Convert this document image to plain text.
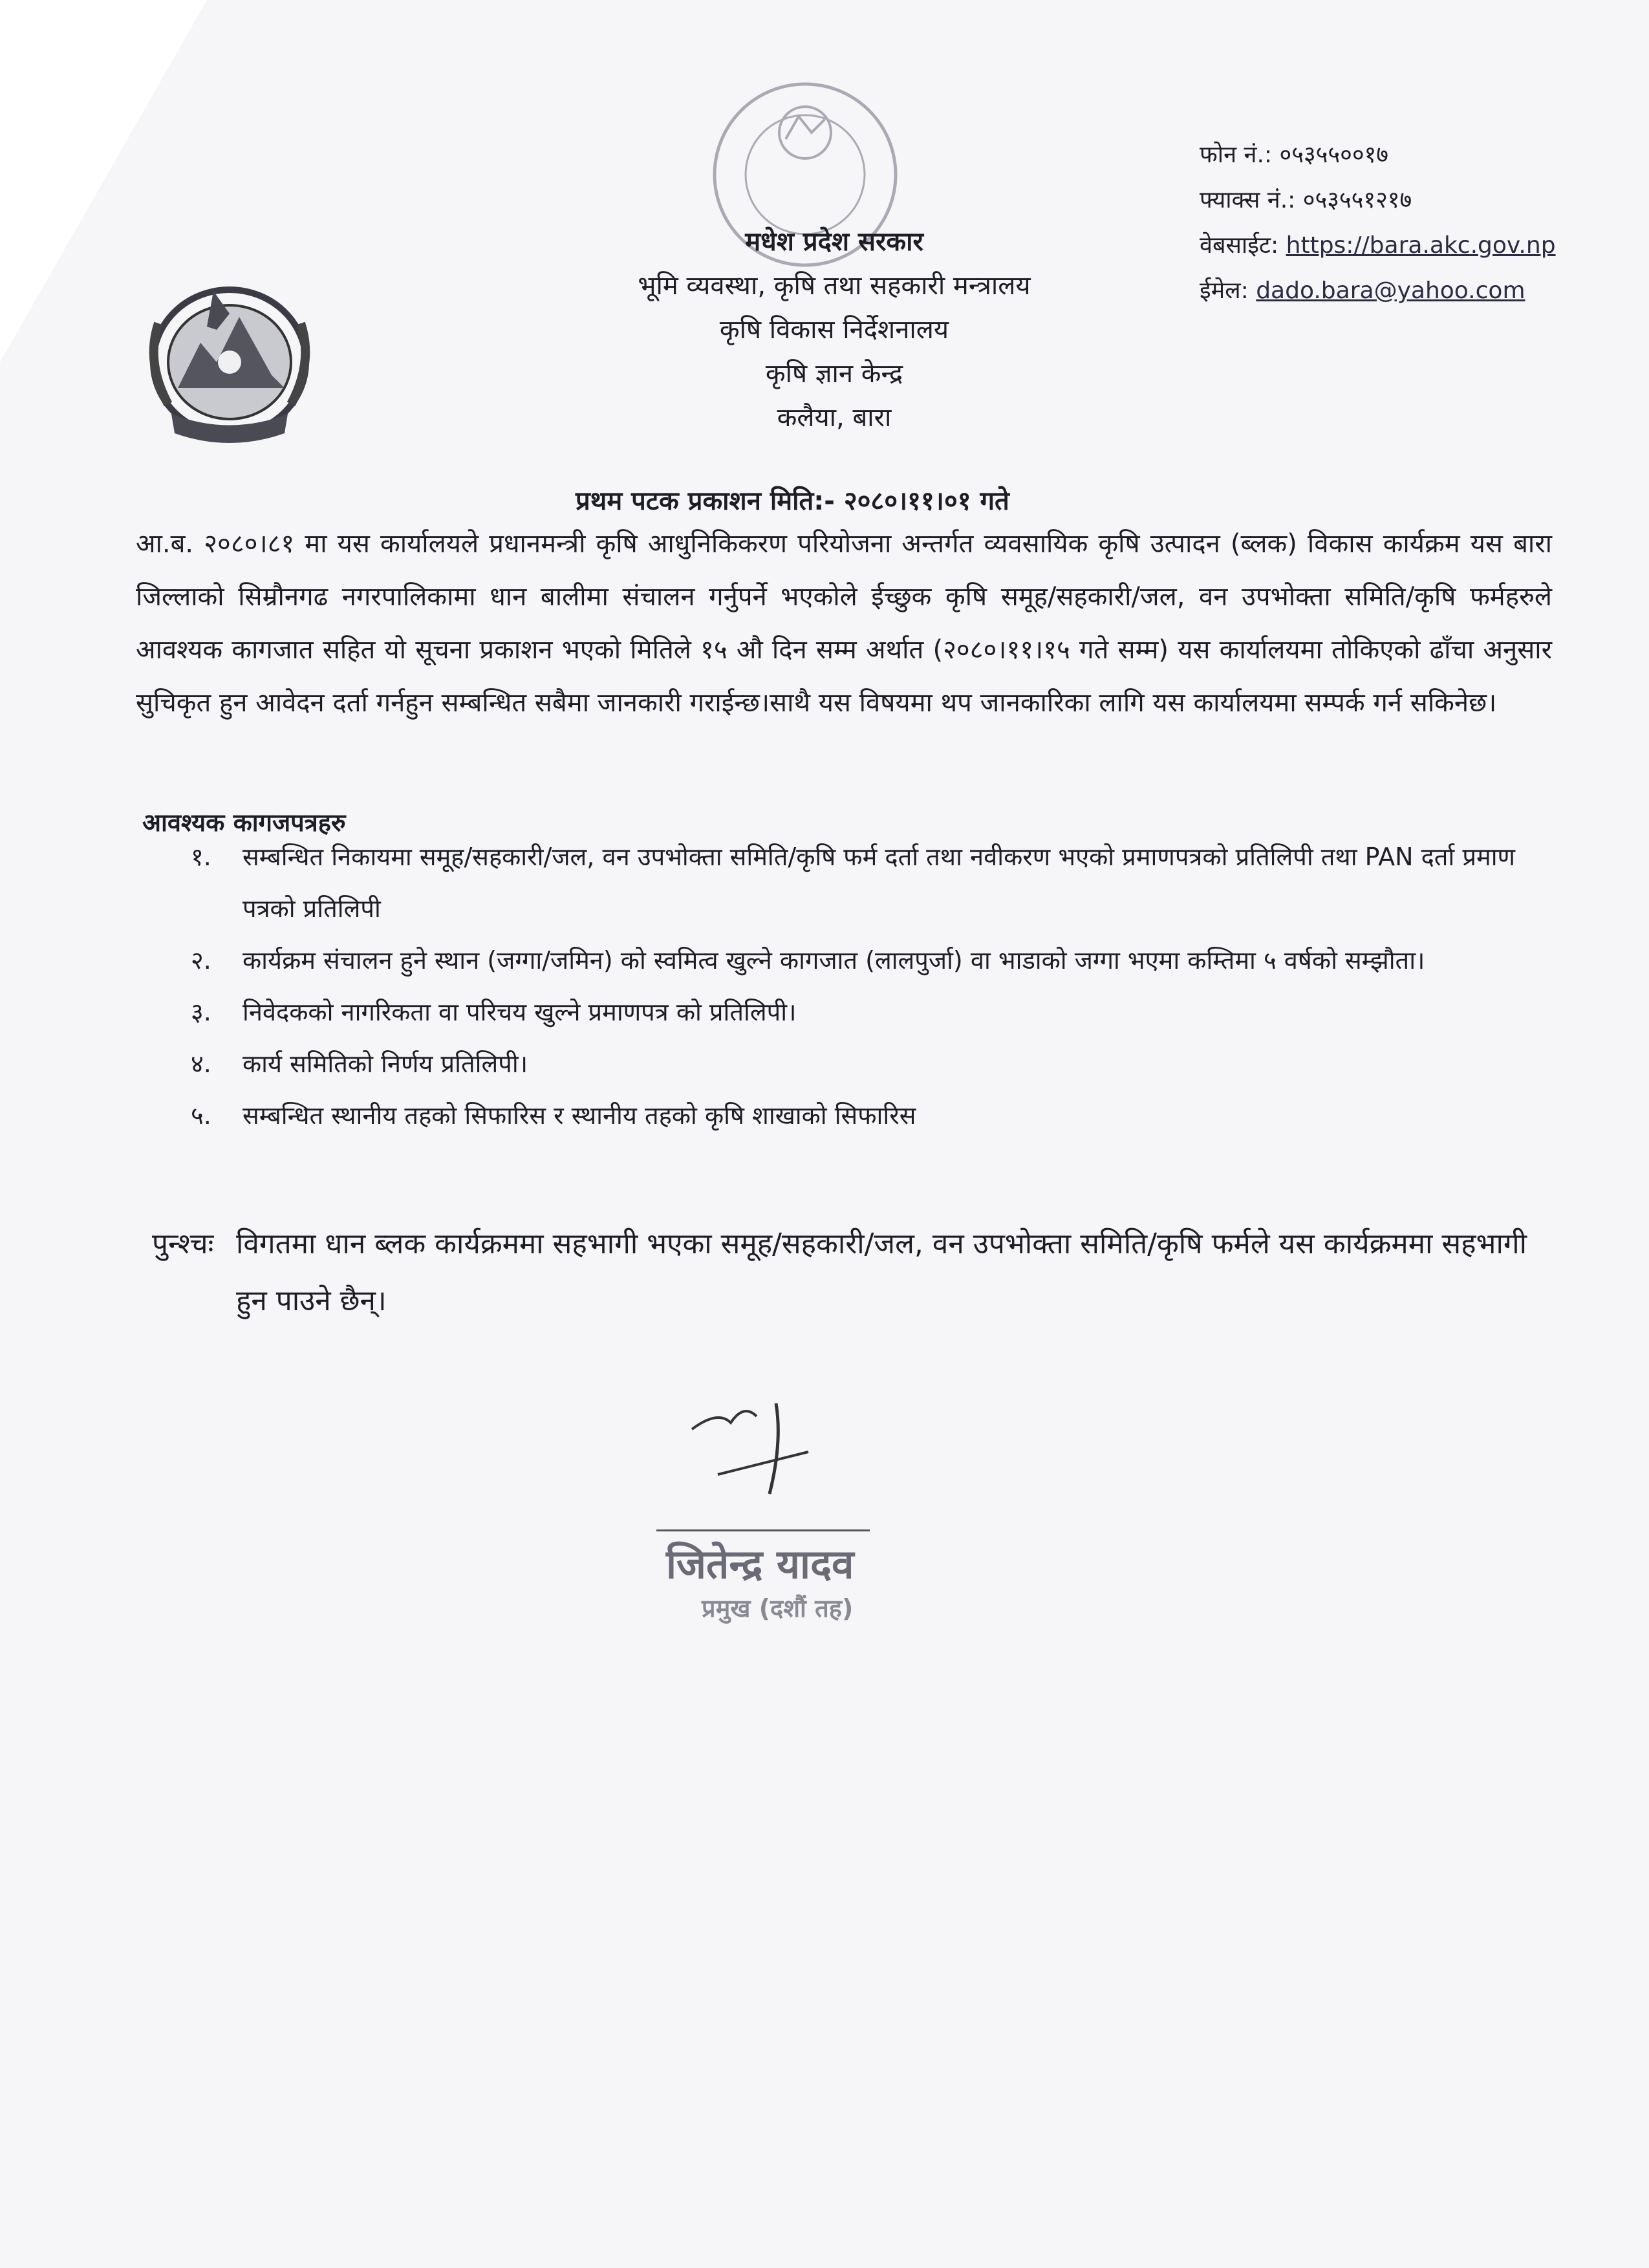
मधेश प्रदेश सरकार
भूमि व्यवस्था, कृषि तथा सहकारी मन्त्रालय
कृषि विकास निर्देशनालय
कृषि ज्ञान केन्द्र
कलैया, बारा
फोन नं.: ०५३५५००१७
फ्याक्स नं.: ०५३५५१२१७
वेबसाईट: https://bara.akc.gov.np
ईमेल: dado.bara@yahoo.com
प्रथम पटक प्रकाशन मिति:- २०८०।११।०१ गते
आ.ब. २०८०।८१ मा यस कार्यालयले प्रधानमन्त्री कृषि आधुनिकिकरण परियोजना अन्तर्गत व्यवसायिक कृषि उत्पादन (ब्लक) विकास कार्यक्रम यस बारा जिल्लाको सिम्रौनगढ नगरपालिकामा धान बालीमा संचालन गर्नुपर्ने भएकोले ईच्छुक कृषि समूह/सहकारी/जल, वन उपभोक्ता समिति/कृषि फर्महरुले आवश्यक कागजात सहित यो सूचना प्रकाशन भएको मितिले १५ औ दिन सम्म अर्थात (२०८०।११।१५ गते सम्म) यस कार्यालयमा तोकिएको ढाँचा अनुसार सुचिकृत हुन आवेदन दर्ता गर्नहुन सम्बन्धित सबैमा जानकारी गराईन्छ।साथै यस विषयमा थप जानकारिका लागि यस कार्यालयमा सम्पर्क गर्न सकिनेछ।
आवश्यक कागजपत्रहरु
१. सम्बन्धित निकायमा समूह/सहकारी/जल, वन उपभोक्ता समिति/कृषि फर्म दर्ता तथा नवीकरण भएको प्रमाणपत्रको प्रतिलिपी तथा PAN दर्ता प्रमाण पत्रको प्रतिलिपी
२. कार्यक्रम संचालन हुने स्थान (जग्गा/जमिन) को स्वमित्व खुल्ने कागजात (लालपुर्जा) वा भाडाको जग्गा भएमा कम्तिमा ५ वर्षको सम्झौता।
३. निवेदकको नागरिकता वा परिचय खुल्ने प्रमाणपत्र को प्रतिलिपी।
४. कार्य समितिको निर्णय प्रतिलिपी।
५. सम्बन्धित स्थानीय तहको सिफारिस र स्थानीय तहको कृषि शाखाको सिफारिस
पुन्श्चः विगतमा धान ब्लक कार्यक्रममा सहभागी भएका समूह/सहकारी/जल, वन उपभोक्ता समिति/कृषि फर्मले यस कार्यक्रममा सहभागी हुन पाउने छैन्।
जितेन्द्र यादव
प्रमुख (दशौं तह)
